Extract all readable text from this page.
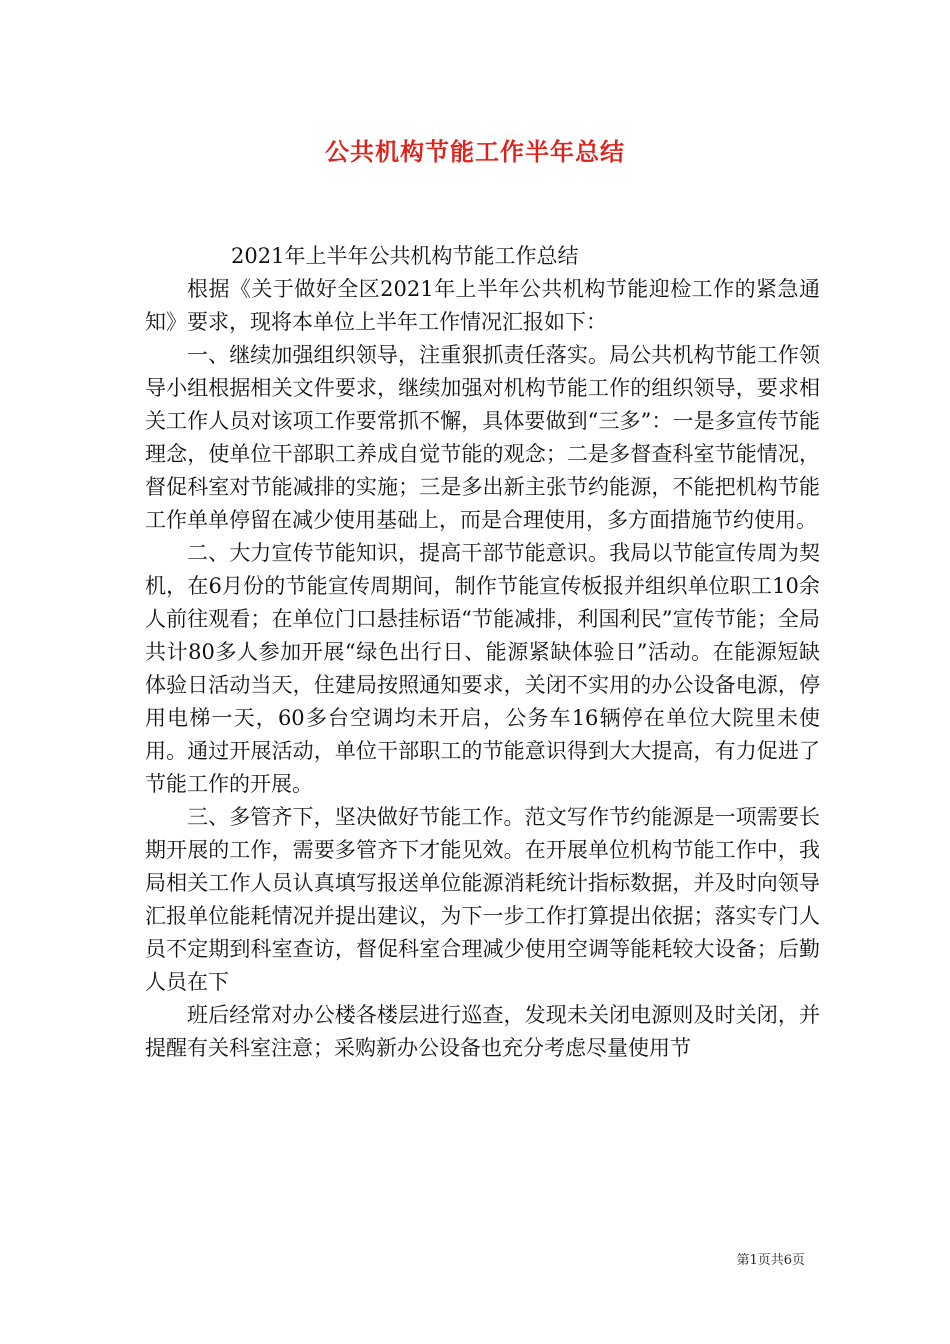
公共机构节能工作半年总结

2021年上半年公共机构节能工作总结

根据《关于做好全区2021年上半年公共机构节能迎检工作的紧急通知》要求，现将本单位上半年工作情况汇报如下：

一、继续加强组织领导，注重狠抓责任落实。局公共机构节能工作领导小组根据相关文件要求，继续加强对机构节能工作的组织领导，要求相关工作人员对该项工作要常抓不懈，具体要做到“三多”：一是多宣传节能理念，使单位干部职工养成自觉节能的观念；二是多督查科室节能情况，督促科室对节能减排的实施；三是多出新主张节约能源，不能把机构节能工作单单停留在减少使用基础上，而是合理使用，多方面措施节约使用。

二、大力宣传节能知识，提高干部节能意识。我局以节能宣传周为契机，在6月份的节能宣传周期间，制作节能宣传板报并组织单位职工10余人前往观看；在单位门口悬挂标语“节能减排，利国利民”宣传节能；全局共计80多人参加开展“绿色出行日、能源紧缺体验日”活动。在能源短缺体验日活动当天，住建局按照通知要求，关闭不实用的办公设备电源，停用电梯一天，60多台空调均未开启，公务车16辆停在单位大院里未使用。通过开展活动，单位干部职工的节能意识得到大大提高，有力促进了节能工作的开展。

三、多管齐下，坚决做好节能工作。范文写作节约能源是一项需要长期开展的工作，需要多管齐下才能见效。在开展单位机构节能工作中，我局相关工作人员认真填写报送单位能源消耗统计指标数据，并及时向领导汇报单位能耗情况并提出建议，为下一步工作打算提出依据；落实专门人员不定期到科室查访，督促科室合理减少使用空调等能耗较大设备；后勤人员在下

班后经常对办公楼各楼层进行巡查，发现未关闭电源则及时关闭，并提醒有关科室注意；采购新办公设备也充分考虑尽量使用节

第1页共6页
